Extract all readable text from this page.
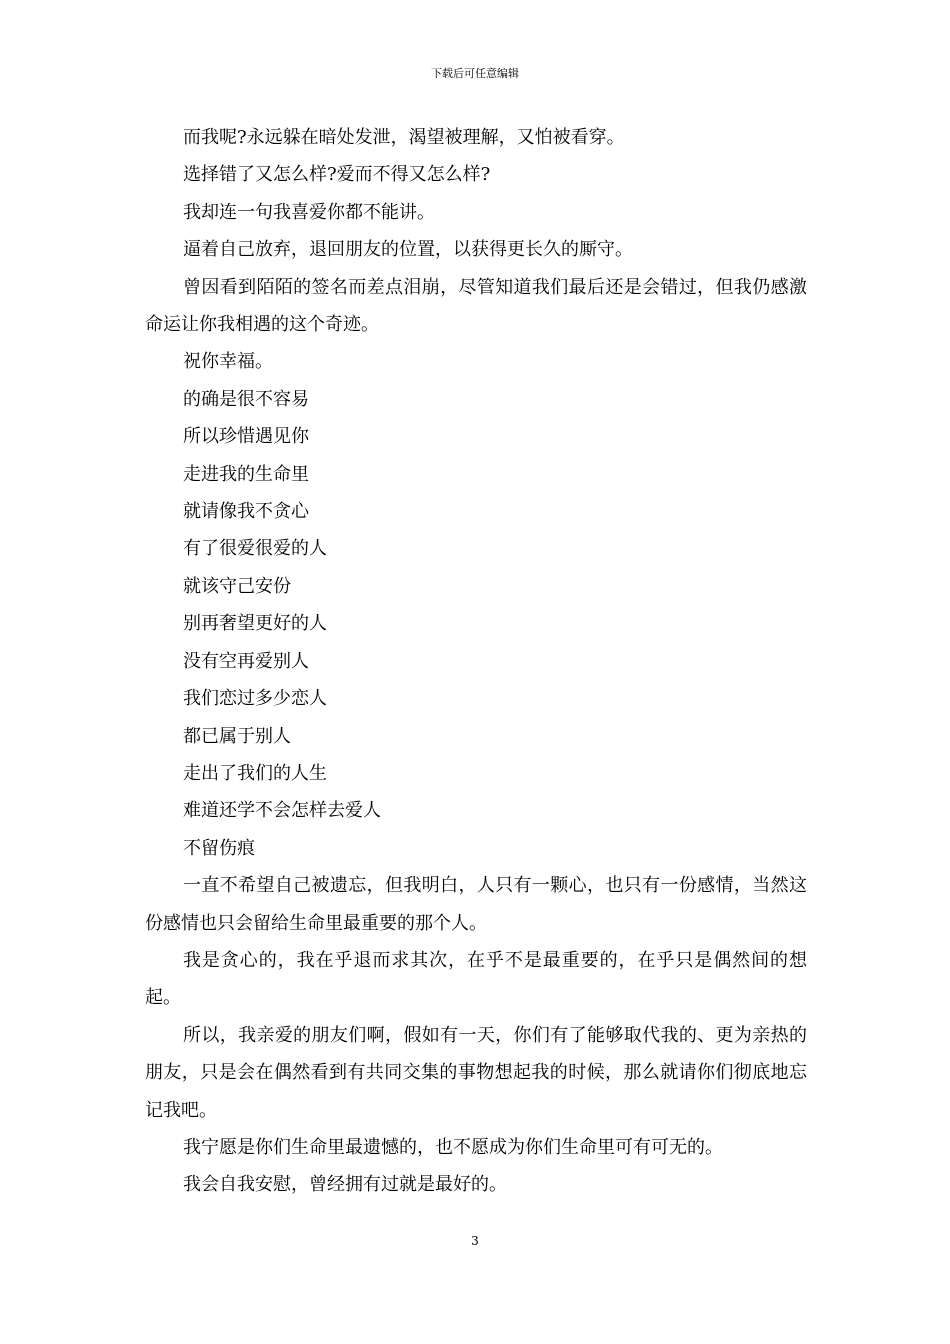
下载后可任意编辑

而我呢?永远躲在暗处发泄，渴望被理解，又怕被看穿。

选择错了又怎么样?爱而不得又怎么样?

我却连一句我喜爱你都不能讲。

逼着自己放弃，退回朋友的位置，以获得更长久的厮守。

曾因看到陌陌的签名而差点泪崩，尽管知道我们最后还是会错过，但我仍感激命运让你我相遇的这个奇迹。

祝你幸福。

的确是很不容易

所以珍惜遇见你

走进我的生命里

就请像我不贪心

有了很爱很爱的人

就该守己安份

别再奢望更好的人

没有空再爱别人

我们恋过多少恋人

都已属于别人

走出了我们的人生

难道还学不会怎样去爱人

不留伤痕

一直不希望自己被遗忘，但我明白，人只有一颗心，也只有一份感情，当然这份感情也只会留给生命里最重要的那个人。

我是贪心的，我在乎退而求其次，在乎不是最重要的，在乎只是偶然间的想起。

所以，我亲爱的朋友们啊，假如有一天，你们有了能够取代我的、更为亲热的朋友，只是会在偶然看到有共同交集的事物想起我的时候，那么就请你们彻底地忘记我吧。

我宁愿是你们生命里最遗憾的，也不愿成为你们生命里可有可无的。

我会自我安慰，曾经拥有过就是最好的。

3
